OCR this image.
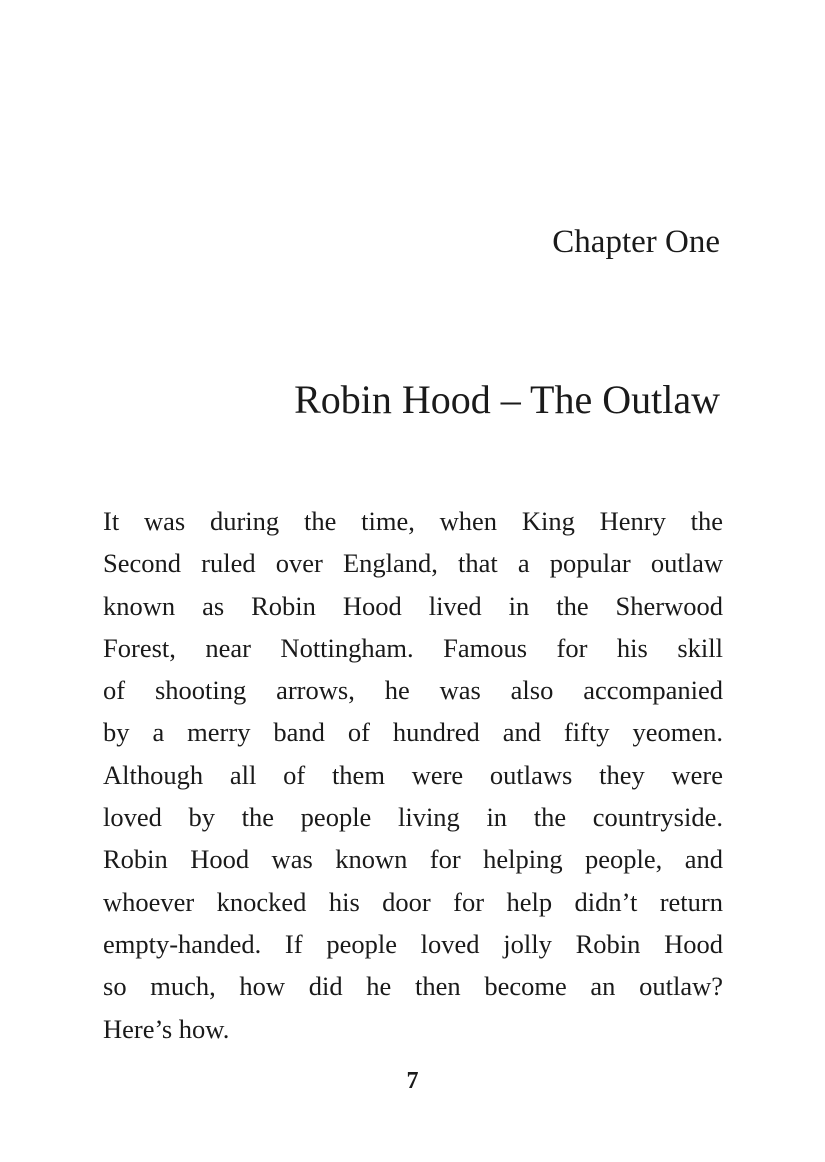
Chapter One
Robin Hood – The Outlaw

It was during the time, when King Henry the
Second ruled over England, that a popular outlaw
known as Robin Hood lived in the Sherwood
Forest, near Nottingham. Famous for his skill
of shooting arrows, he was also accompanied
by a merry band of hundred and fifty yeomen.
Although all of them were outlaws they were
loved by the people living in the countryside.
Robin Hood was known for helping people, and
whoever knocked his door for help didn’t return
empty-handed. If people loved jolly Robin Hood
so much, how did he then become an outlaw?
Here’s how.

7
